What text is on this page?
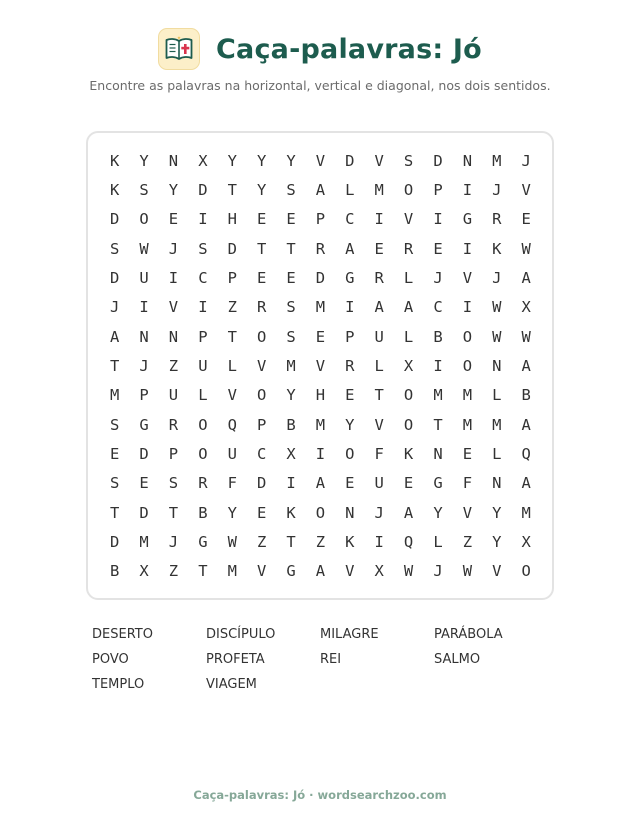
Caça-palavras: Jó
Encontre as palavras na horizontal, vertical e diagonal, nos dois sentidos.
K	Y	N	X	Y	Y	Y	V	D	V	S	D	N	M	J
K	S	Y	D	T	Y	S	A	L	M	O	P	I	J	V
D	O	E	I	H	E	E	P	C	I	V	I	G	R	E
S	W	J	S	D	T	T	R	A	E	R	E	I	K	W
D	U	I	C	P	E	E	D	G	R	L	J	V	J	A
J	I	V	I	Z	R	S	M	I	A	A	C	I	W	X
A	N	N	P	T	O	S	E	P	U	L	B	O	W	W
T	J	Z	U	L	V	M	V	R	L	X	I	O	N	A
M	P	U	L	V	O	Y	H	E	T	O	M	M	L	B
S	G	R	O	Q	P	B	M	Y	V	O	T	M	M	A
E	D	P	O	U	C	X	I	O	F	K	N	E	L	Q
S	E	S	R	F	D	I	A	E	U	E	G	F	N	A
T	D	T	B	Y	E	K	O	N	J	A	Y	V	Y	M
D	M	J	G	W	Z	T	Z	K	I	Q	L	Z	Y	X
B	X	Z	T	M	V	G	A	V	X	W	J	W	V	O
DESERTO	DISCÍPULO	MILAGRE	PARÁBOLA
POVO	PROFETA	REI	SALMO
TEMPLO	VIAGEM
Caça-palavras: Jó · wordsearchzoo.com
